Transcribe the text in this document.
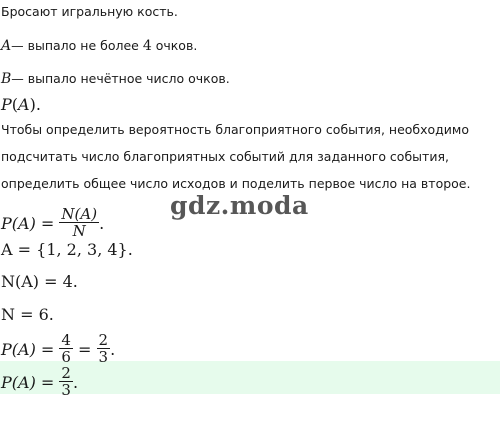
Бросают игральную кость.
A— выпало не более 4 очков.
B— выпало нечётное число очков.
P(A).
Чтобы определить вероятность благоприятного события, необходимо
подсчитать число благоприятных событий для заданного события,
определить общее число исходов и поделить первое число на второе.
gdz.moda
$P(A) = \frac{N(A)}{N}$ .
A = {1, 2, 3, 4}.
N(A) = 4.
N = 6.
$P(A) = \frac{4}{6} = \frac{2}{3}$ .
$P(A) = \frac{2}{3}$ .
